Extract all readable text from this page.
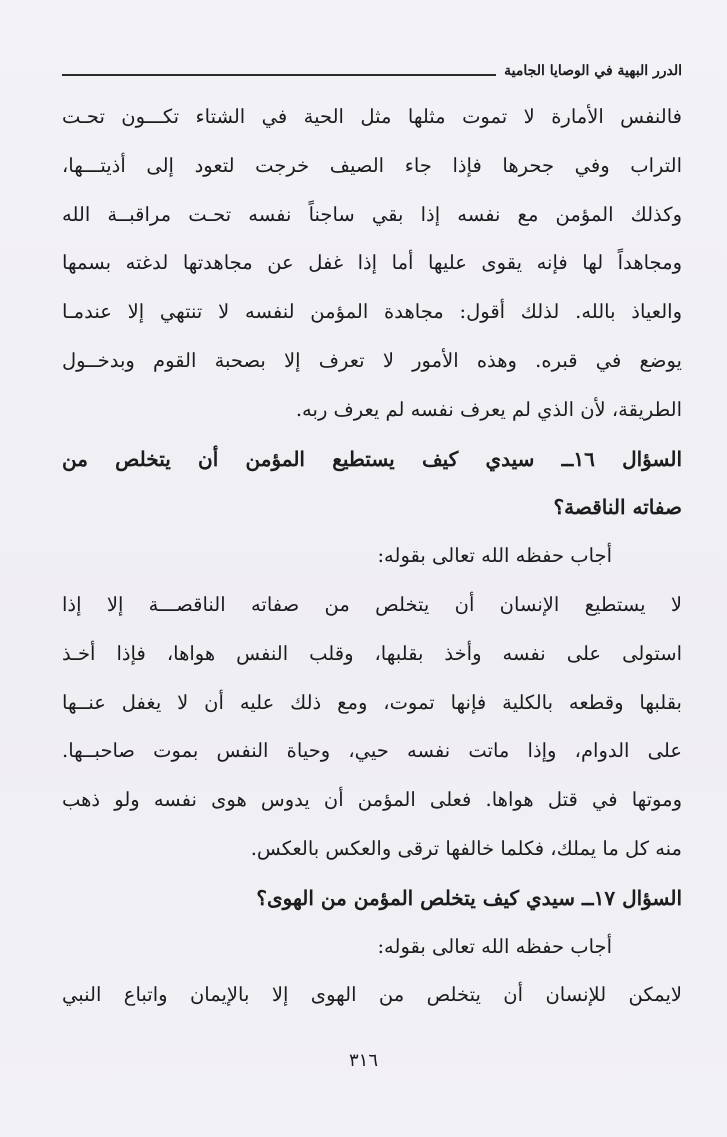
الدرر البهية في الوصايا الجامية
فالنفس الأمارة لا تموت مثلها مثل الحية في الشتاء تكـــون تحـت
التراب وفي جحرها فإذا جاء الصيف خرجت لتعود إلى أذيتـــها،
وكذلك المؤمن مع نفسه إذا بقي ساجناً نفسه تحـت مراقبــة الله
ومجاهداً لها فإنه يقوى عليها أما إذا غفل عن مجاهدتها لدغته بسمها
والعياذ بالله. لذلك أقول: مجاهدة المؤمن لنفسه لا تنتهي إلا عندمـا
يوضع في قبره. وهذه الأمور لا تعرف إلا بصحبة القوم وبدخــول
الطريقة، لأن الذي لم يعرف نفسه لم يعرف ربه.
السؤال ١٦ــ سيدي كيف يستطيع المؤمن أن يتخلص من
صفاته الناقصة؟
أجاب حفظه الله تعالى بقوله:
لا يستطيع الإنسان أن يتخلص من صفاته الناقصـــة إلا إذا
استولى على نفسه وأخذ بقلبها، وقلب النفس هواها، فإذا أخـذ
بقلبها وقطعه بالكلية فإنها تموت، ومع ذلك عليه أن لا يغفل عنــها
على الدوام، وإذا ماتت نفسه حيي، وحياة النفس بموت صاحبــها.
وموتها في قتل هواها. فعلى المؤمن أن يدوس هوى نفسه ولو ذهب
منه كل ما يملك، فكلما خالفها ترقى والعكس بالعكس.
السؤال ١٧ــ سيدي كيف يتخلص المؤمن من الهوى؟
أجاب حفظه الله تعالى بقوله:
لايمكن للإنسان أن يتخلص من الهوى إلا بالإيمان واتباع النبي
٣١٦
